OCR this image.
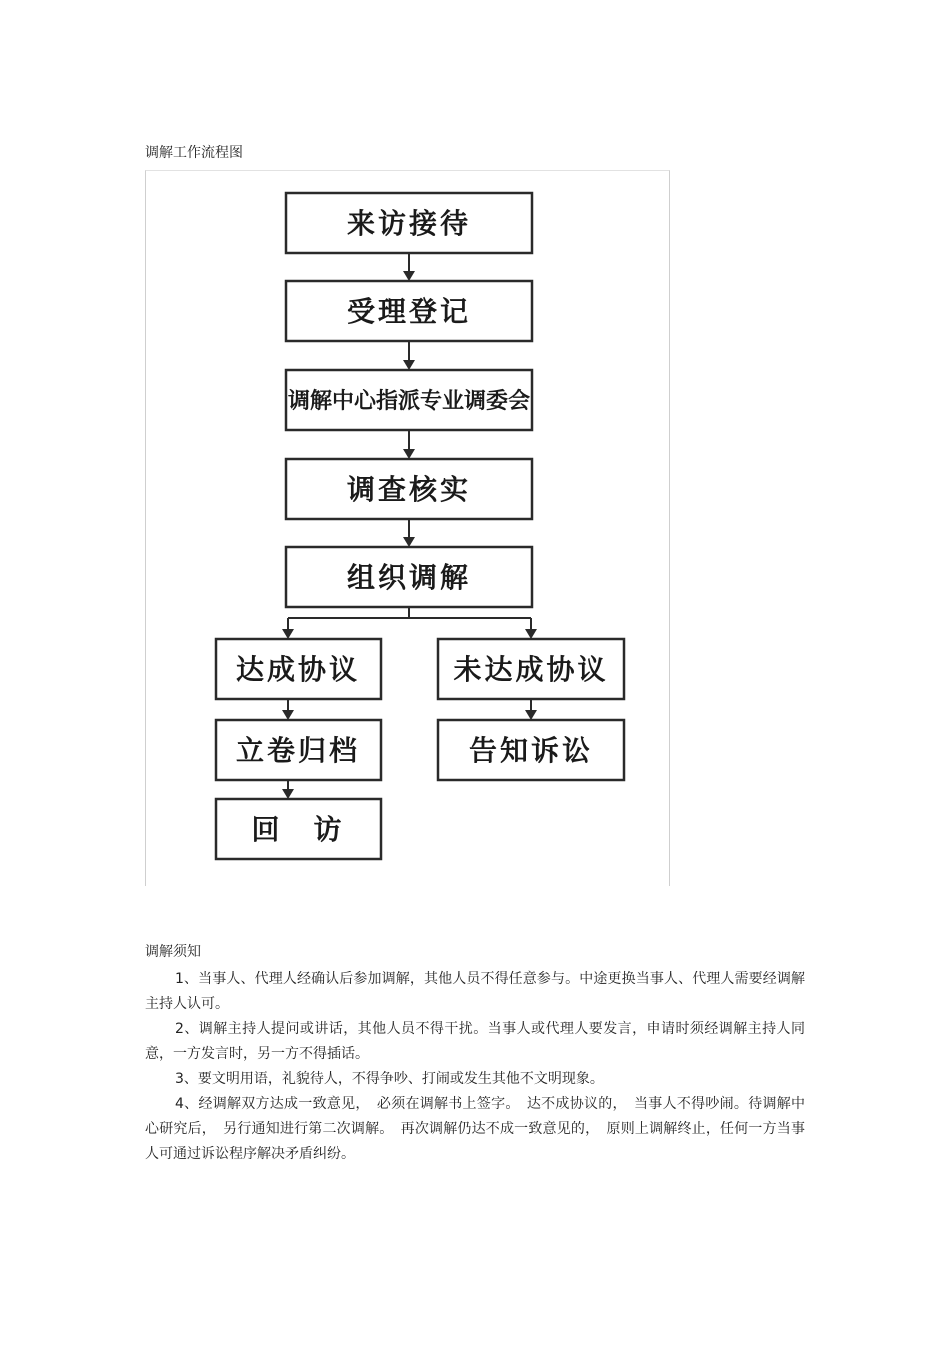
调解工作流程图
来访接待
受理登记
调解中心指派专业调委会
调查核实
组织调解
达成协议
立卷归档
回　访
未达成协议
告知诉讼
调解须知

1、当事人、代理人经确认后参加调解，其他人员不得任意参与。中途更换当事人、代理人需要经调解主持人认可。

2、调解主持人提问或讲话，其他人员不得干扰。当事人或代理人要发言，申请时须经调解主持人同意，一方发言时，另一方不得插话。

3、要文明用语，礼貌待人，不得争吵、打闹或发生其他不文明现象。

4、经调解双方达成一致意见，　必须在调解书上签字。　达不成协议的，　当事人不得吵闹。待调解中心研究后，　另行通知进行第二次调解。　再次调解仍达不成一致意见的，　原则上调解终止，任何一方当事人可通过诉讼程序解决矛盾纠纷。
